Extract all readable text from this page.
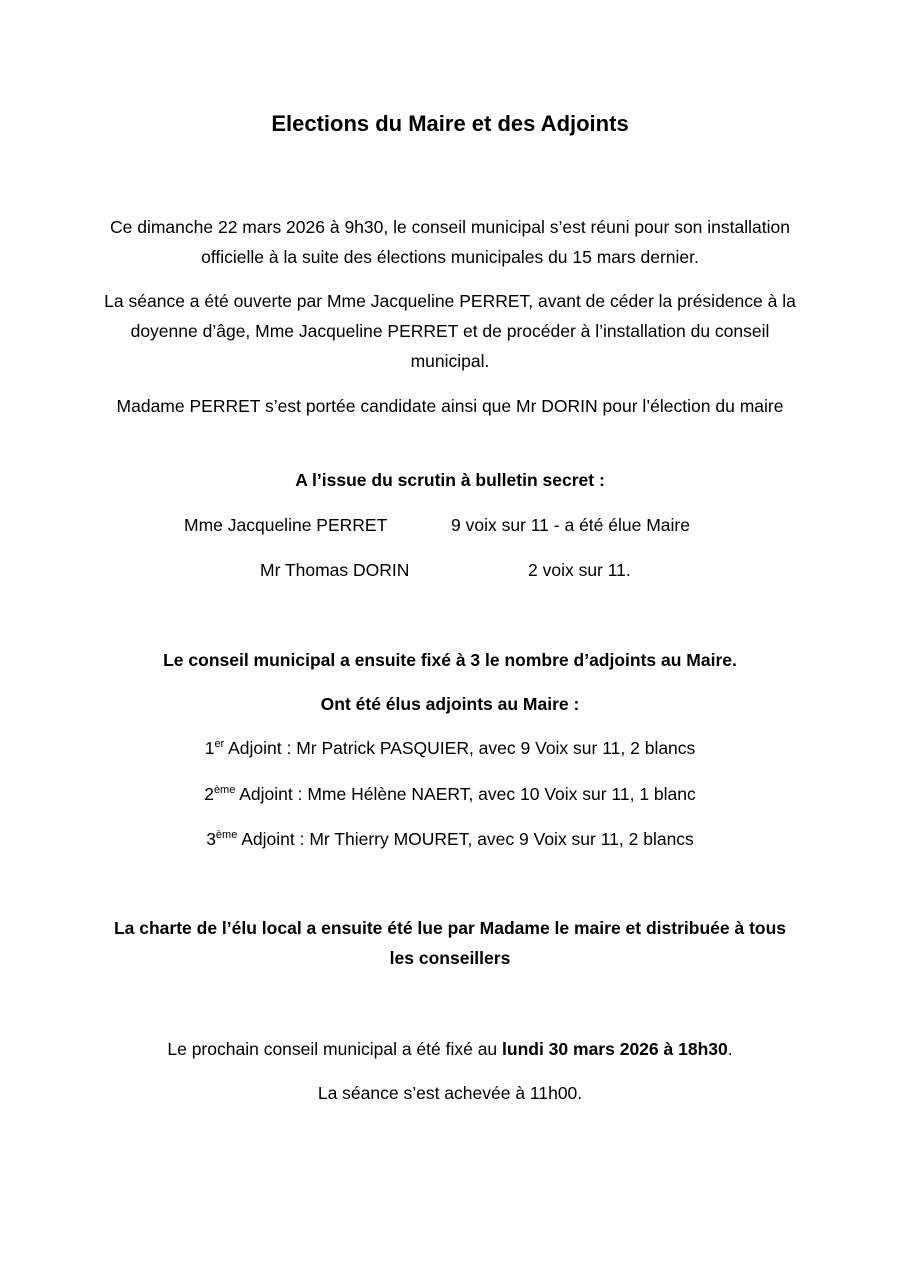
Elections du Maire et des Adjoints

Ce dimanche 22 mars 2026 à 9h30, le conseil municipal s’est réuni pour son installation officielle à la suite des élections municipales du 15 mars dernier.

La séance a été ouverte par Mme Jacqueline PERRET, avant de céder la présidence à la doyenne d’âge, Mme Jacqueline PERRET et de procéder à l’installation du conseil municipal.

Madame PERRET s’est portée candidate ainsi que Mr DORIN pour l’élection du maire

A l’issue du scrutin à bulletin secret :

Mme Jacqueline PERRET	9 voix sur 11 - a été élue Maire
Mr Thomas DORIN	2 voix sur 11.

Le conseil municipal a ensuite fixé à 3 le nombre d’adjoints au Maire.

Ont été élus adjoints au Maire :

1er Adjoint : Mr Patrick PASQUIER, avec 9 Voix sur 11, 2 blancs

2ème Adjoint : Mme Hélène NAERT, avec 10 Voix sur 11, 1 blanc

3ème Adjoint : Mr Thierry MOURET, avec 9 Voix sur 11, 2 blancs

La charte de l’élu local a ensuite été lue par Madame le maire et distribuée à tous les conseillers

Le prochain conseil municipal a été fixé au lundi 30 mars 2026 à 18h30.

La séance s’est achevée à 11h00.
